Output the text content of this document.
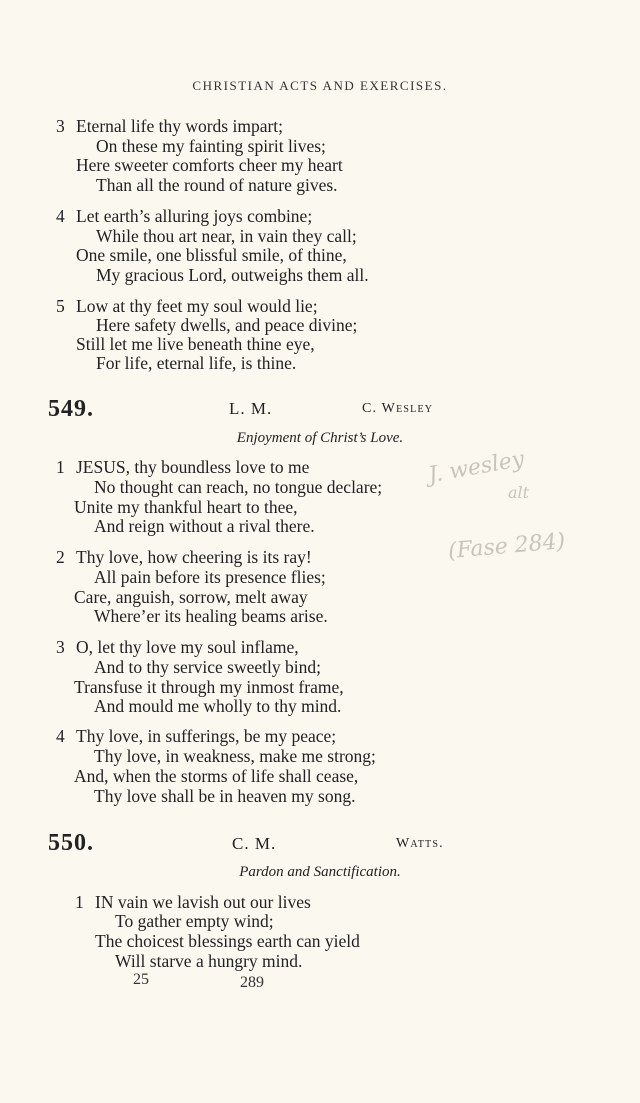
CHRISTIAN ACTS AND EXERCISES.
3 Eternal life thy words impart;
On these my fainting spirit lives;
Here sweeter comforts cheer my heart
Than all the round of nature gives.
4 Let earth’s alluring joys combine;
While thou art near, in vain they call;
One smile, one blissful smile, of thine,
My gracious Lord, outweighs them all.
5 Low at thy feet my soul would lie;
Here safety dwells, and peace divine;
Still let me live beneath thine eye,
For life, eternal life, is thine.
549.	L. M.	C. Wesley
Enjoyment of Christ’s Love.
1 JESUS, thy boundless love to me
No thought can reach, no tongue declare;
Unite my thankful heart to thee,
And reign without a rival there.
2 Thy love, how cheering is its ray!
All pain before its presence flies;
Care, anguish, sorrow, melt away
Where’er its healing beams arise.
3 O, let thy love my soul inflame,
And to thy service sweetly bind;
Transfuse it through my inmost frame,
And mould me wholly to thy mind.
4 Thy love, in sufferings, be my peace;
Thy love, in weakness, make me strong;
And, when the storms of life shall cease,
Thy love shall be in heaven my song.
550.	C. M.	Watts.
Pardon and Sanctification.
1 IN vain we lavish out our lives
To gather empty wind;
The choicest blessings earth can yield
Will starve a hungry mind.
25	289
J. wesley
alt
(Fase 284)
